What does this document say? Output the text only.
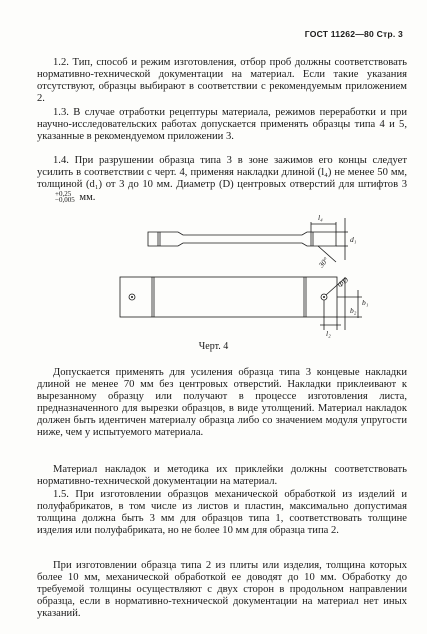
ГОСТ 11262—80 Стр. 3

1.2. Тип, способ и режим изготовления, отбор проб должны соответствовать нормативно-технической документации на материал. Если такие указания отсутствуют, образцы выбирают в соответствии с рекомендуемым приложением 2.

1.3. В случае отработки рецептуры материала, режимов переработки и при научно-исследовательских работах допускается применять образцы типа 4 и 5, указанные в рекомендуемом приложении 3.

1.4. При разрушении образца типа 3 в зоне зажимов его концы следует усилить в соответствии с черт. 4, применяя накладки длиной (l₄) не менее 50 мм, толщиной (d₁) от 3 до 10 мм. Диаметр (D) центровых отверстий для штифтов 3
+0,25
−0,005 мм.

l₄
d₁
30°
ФD
b₁
b₂
l₂
Черт. 4

Допускается применять для усиления образца типа 3 концевые накладки длиной не менее 70 мм без центровых отверстий. Накладки приклеивают к вырезанному образцу или получают в процессе изготовления листа, предназначенного для вырезки образцов, в виде утолщений. Материал накладок должен быть идентичен материалу образца либо со значением модуля упругости ниже, чем у испытуемого материала.

Материал накладок и методика их приклейки должны соответствовать нормативно-технической документации на материал.

1.5. При изготовлении образцов механической обработкой из изделий и полуфабрикатов, в том числе из листов и пластин, максимально допустимая толщина должна быть 3 мм для образцов типа 1, соответствовать толщине изделия или полуфабриката, но не более 10 мм для образца типа 2.

При изготовлении образца типа 2 из плиты или изделия, толщина которых более 10 мм, механической обработкой ее доводят до 10 мм. Обработку до требуемой толщины осуществляют с двух сторон в продольном направлении образца, если в нормативно-технической документации на материал нет иных указаний.
